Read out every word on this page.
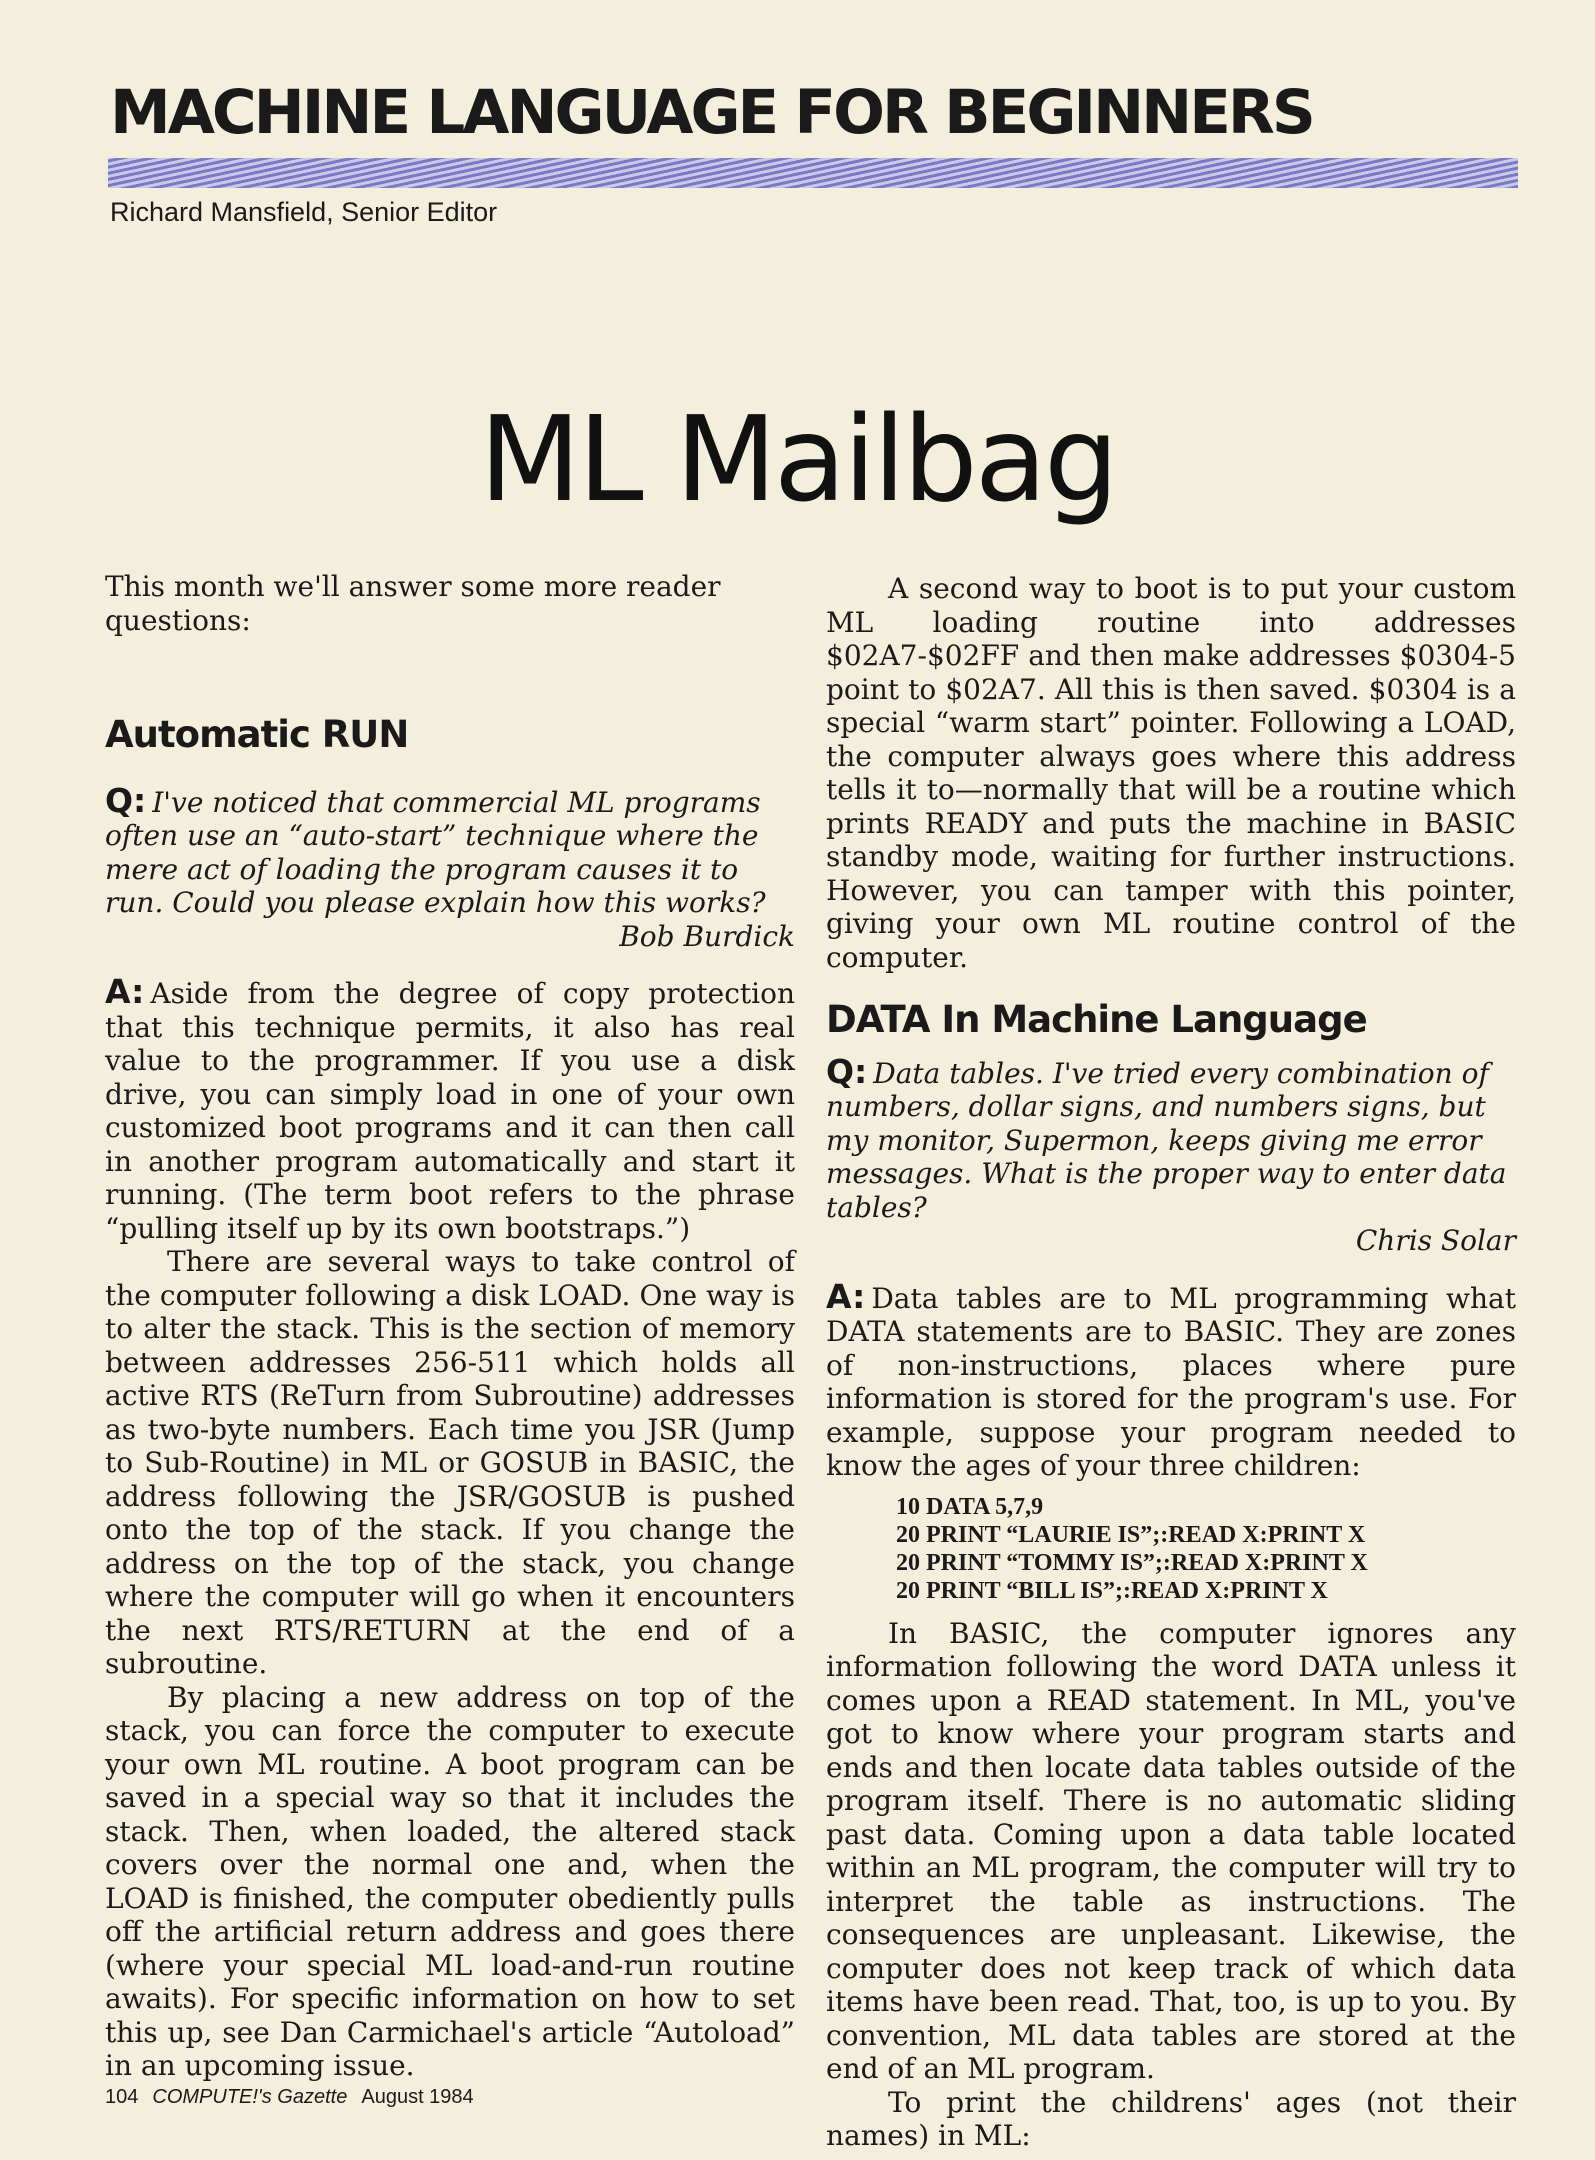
MACHINE LANGUAGE FOR BEGINNERS
Richard Mansfield, Senior Editor
ML Mailbag

This month we'll answer some more reader questions:

Automatic RUN

Q: I've noticed that commercial ML programs often use an “auto-start” technique where the mere act of loading the program causes it to run. Could you please explain how this works?

Bob Burdick

A: Aside from the degree of copy protection that this technique permits, it also has real value to the programmer. If you use a disk drive, you can simply load in one of your own customized boot programs and it can then call in another program automatically and start it running. (The term boot refers to the phrase “pulling itself up by its own bootstraps.”)

There are several ways to take control of the computer following a disk LOAD. One way is to alter the stack. This is the section of memory between addresses 256-511 which holds all active RTS (ReTurn from Subroutine) addresses as two-byte numbers. Each time you JSR (Jump to Sub-Routine) in ML or GOSUB in BASIC, the address following the JSR/GOSUB is pushed onto the top of the stack. If you change the address on the top of the stack, you change where the computer will go when it encounters the next RTS/RETURN at the end of a subroutine.

By placing a new address on top of the stack, you can force the computer to execute your own ML routine. A boot program can be saved in a special way so that it includes the stack. Then, when loaded, the altered stack covers over the normal one and, when the LOAD is finished, the computer obediently pulls off the artificial return address and goes there (where your special ML load-and-run routine awaits). For specific information on how to set this up, see Dan Carmichael's article “Autoload” in an upcoming issue.

A second way to boot is to put your custom ML loading routine into addresses $02A7-$02FF and then make addresses $0304-5 point to $02A7. All this is then saved. $0304 is a special “warm start” pointer. Following a LOAD, the computer always goes where this address tells it to—normally that will be a routine which prints READY and puts the machine in BASIC standby mode, waiting for further instructions. However, you can tamper with this pointer, giving your own ML routine control of the computer.

DATA In Machine Language

Q: Data tables. I've tried every combination of numbers, dollar signs, and numbers signs, but my monitor, Supermon, keeps giving me error messages. What is the proper way to enter data tables?

Chris Solar

A: Data tables are to ML programming what DATA statements are to BASIC. They are zones of non-instructions, places where pure information is stored for the program's use. For example, suppose your program needed to know the ages of your three children:

10 DATA 5,7,9
20 PRINT “LAURIE IS”;:READ X:PRINT X
20 PRINT “TOMMY IS”;:READ X:PRINT X
20 PRINT “BILL IS”;:READ X:PRINT X

In BASIC, the computer ignores any information following the word DATA unless it comes upon a READ statement. In ML, you've got to know where your program starts and ends and then locate data tables outside of the program itself. There is no automatic sliding past data. Coming upon a data table located within an ML program, the computer will try to interpret the table as instructions. The consequences are unpleasant. Likewise, the computer does not keep track of which data items have been read. That, too, is up to you. By convention, ML data tables are stored at the end of an ML program.

To print the childrens' ages (not their names) in ML:

104 COMPUTE!'s Gazette August 1984
